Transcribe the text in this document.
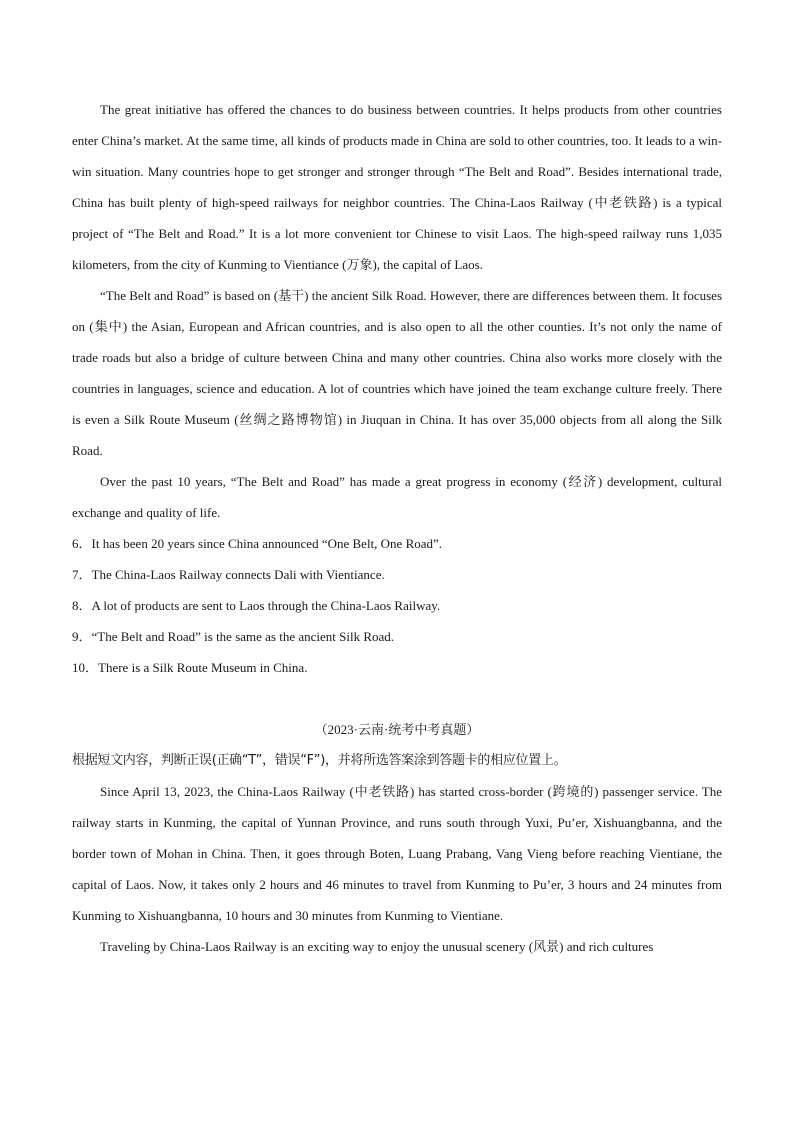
The great initiative has offered the chances to do business between countries. It helps products from other countries enter China’s market. At the same time, all kinds of products made in China are sold to other countries, too. It leads to a win-win situation. Many countries hope to get stronger and stronger through “The Belt and Road”. Besides international trade, China has built plenty of high-speed railways for neighbor countries. The China-Laos Railway (中老铁路) is a typical project of “The Belt and Road.” It is a lot more convenient tor Chinese to visit Laos. The high-speed railway runs 1,035 kilometers, from the city of Kunming to Vientiance (万象), the capital of Laos.

“The Belt and Road” is based on (基干) the ancient Silk Road. However, there are differences between them. It focuses on (集中) the Asian, European and African countries, and is also open to all the other counties. It’s not only the name of trade roads but also a bridge of culture between China and many other countries. China also works more closely with the countries in languages, science and education. A lot of countries which have joined the team exchange culture freely. There is even a Silk Route Museum (丝绸之路博物馆) in Jiuquan in China. It has over 35,000 objects from all along the Silk Road.

Over the past 10 years, “The Belt and Road” has made a great progress in economy (经济) development, cultural exchange and quality of life.

6．It has been 20 years since China announced “One Belt, One Road”.

7．The China-Laos Railway connects Dali with Vientiance.

8．A lot of products are sent to Laos through the China-Laos Railway.

9．“The Belt and Road” is the same as the ancient Silk Road.

10．There is a Silk Route Museum in China.

（2023·云南·统考中考真题）

根据短文内容，判断正误(正确“T”，错误“F”)，并将所选答案涂到答题卡的相应位置上。

Since April 13, 2023, the China-Laos Railway (中老铁路) has started cross-border (跨境的) passenger service. The railway starts in Kunming, the capital of Yunnan Province, and runs south through Yuxi, Pu’er, Xishuangbanna, and the border town of Mohan in China. Then, it goes through Boten, Luang Prabang, Vang Vieng before reaching Vientiane, the capital of Laos. Now, it takes only 2 hours and 46 minutes to travel from Kunming to Pu’er, 3 hours and 24 minutes from Kunming to Xishuangbanna, 10 hours and 30 minutes from Kunming to Vientiane.

Traveling by China-Laos Railway is an exciting way to enjoy the unusual scenery (风景) and rich cultures
